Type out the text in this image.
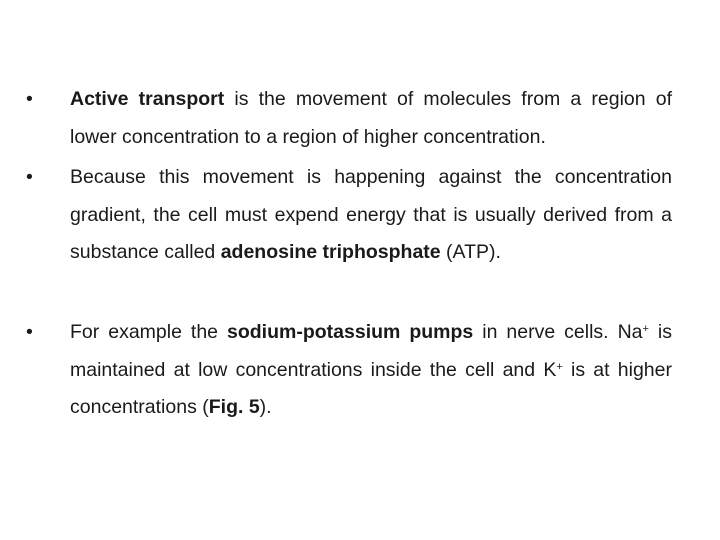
• Active transport is the movement of molecules from a region of lower concentration to a region of higher concentration.
• Because this movement is happening against the concentration gradient, the cell must expend energy that is usually derived from a substance called adenosine triphosphate (ATP).
• For example the sodium-potassium pumps in nerve cells. Na+ is maintained at low concentrations inside the cell and K+ is at higher concentrations (Fig. 5).
